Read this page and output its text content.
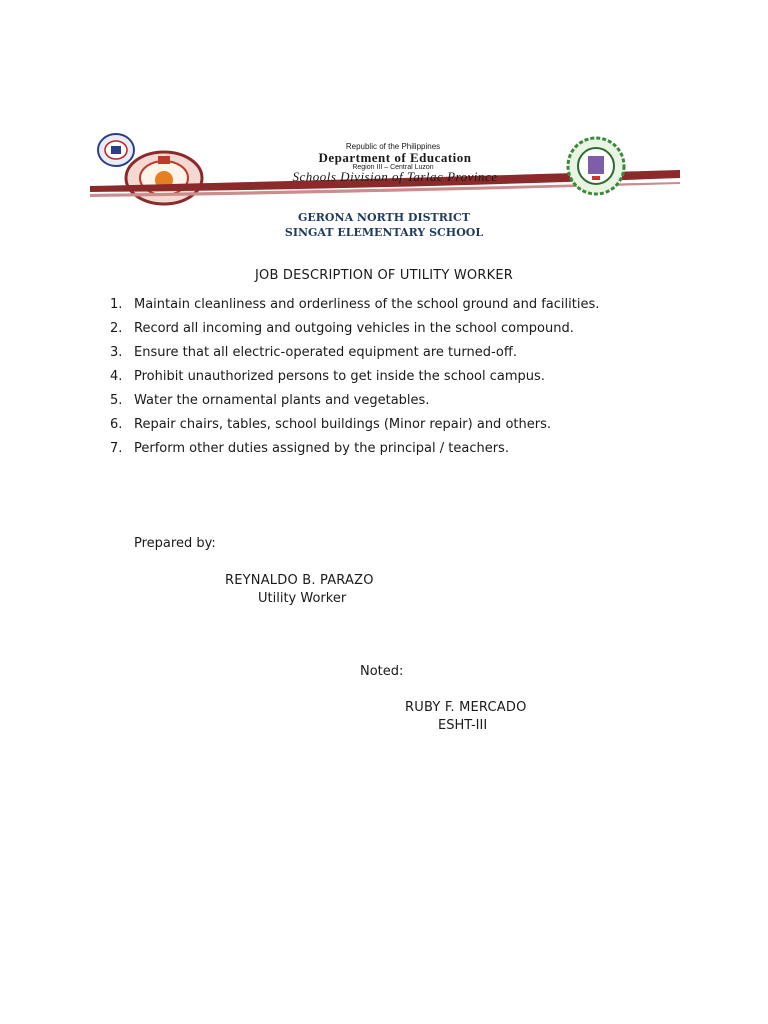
Republic of the Philippines
Department of Education
Region III – Central Luzon
Schools Division of Tarlac Province
GERONA NORTH DISTRICT
SINGAT ELEMENTARY SCHOOL
JOB DESCRIPTION OF UTILITY WORKER
1. Maintain cleanliness and orderliness of the school ground and facilities.
2. Record all incoming and outgoing vehicles in the school compound.
3. Ensure that all electric-operated equipment are turned-off.
4. Prohibit unauthorized persons to get inside the school campus.
5. Water the ornamental plants and vegetables.
6. Repair chairs, tables, school buildings (Minor repair) and others.
7. Perform other duties assigned by the principal / teachers.
Prepared by:
REYNALDO B. PARAZO
Utility Worker
Noted:
RUBY F. MERCADO
ESHT-III
